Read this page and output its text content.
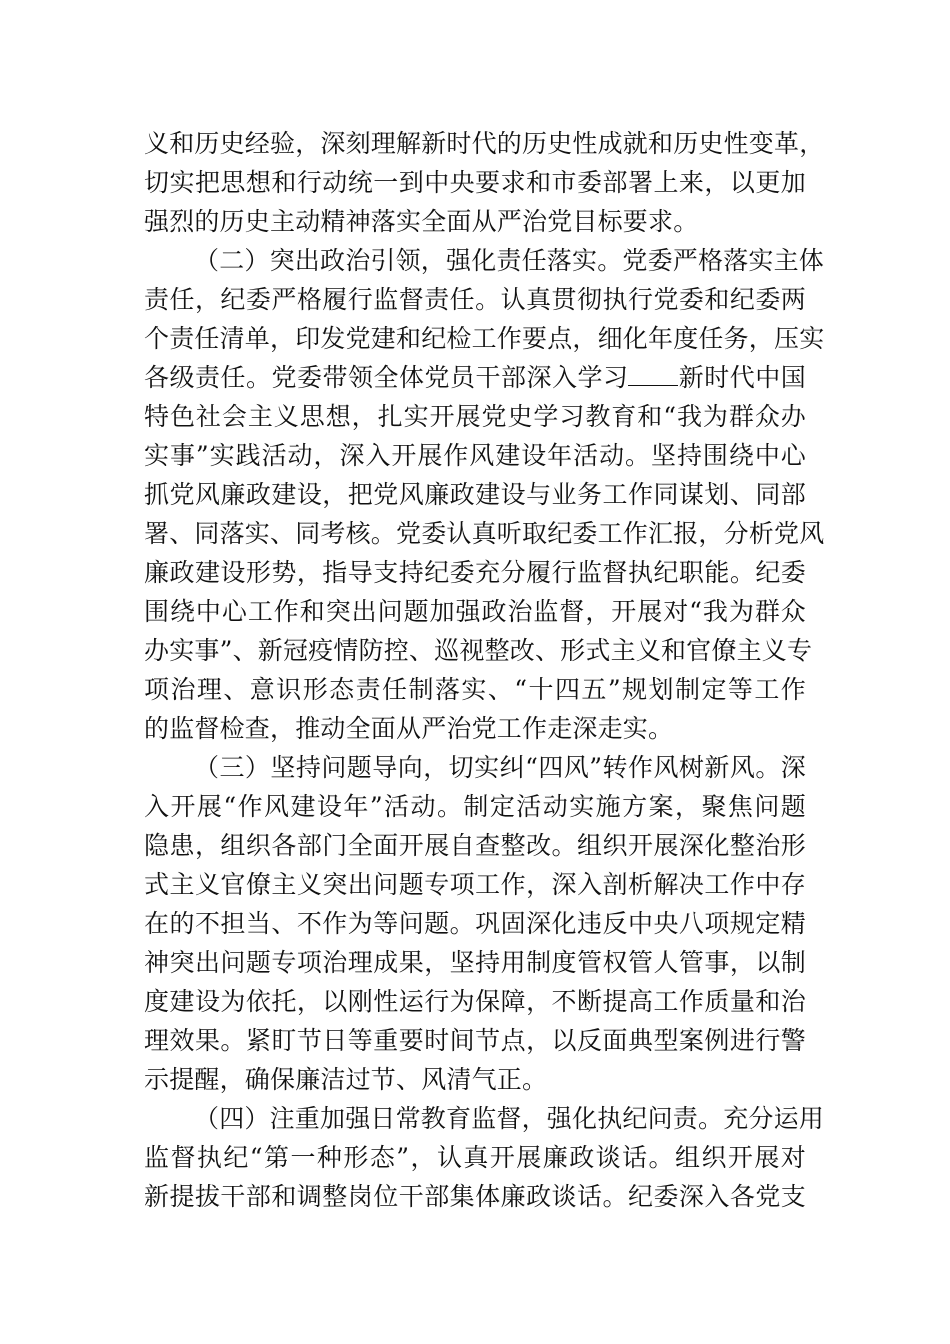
义和历史经验，深刻理解新时代的历史性成就和历史性变革，
切实把思想和行动统一到中央要求和市委部署上来，以更加
强烈的历史主动精神落实全面从严治党目标要求。
（二）突出政治引领，强化责任落实。党委严格落实主体
责任，纪委严格履行监督责任。认真贯彻执行党委和纪委两
个责任清单，印发党建和纪检工作要点，细化年度任务，压实
各级责任。党委带领全体党员干部深入学习 新时代中国
特色社会主义思想，扎实开展党史学习教育和“我为群众办
实事”实践活动，深入开展作风建设年活动。坚持围绕中心
抓党风廉政建设，把党风廉政建设与业务工作同谋划、同部
署、同落实、同考核。党委认真听取纪委工作汇报，分析党风
廉政建设形势，指导支持纪委充分履行监督执纪职能。纪委
围绕中心工作和突出问题加强政治监督，开展对“我为群众
办实事”、新冠疫情防控、巡视整改、形式主义和官僚主义专
项治理、意识形态责任制落实、“十四五”规划制定等工作
的监督检查，推动全面从严治党工作走深走实。
（三）坚持问题导向，切实纠“四风”转作风树新风。深
入开展“作风建设年”活动。制定活动实施方案，聚焦问题
隐患，组织各部门全面开展自查整改。组织开展深化整治形
式主义官僚主义突出问题专项工作，深入剖析解决工作中存
在的不担当、不作为等问题。巩固深化违反中央八项规定精
神突出问题专项治理成果，坚持用制度管权管人管事，以制
度建设为依托，以刚性运行为保障，不断提高工作质量和治
理效果。紧盯节日等重要时间节点，以反面典型案例进行警
示提醒，确保廉洁过节、风清气正。
（四）注重加强日常教育监督，强化执纪问责。充分运用
监督执纪“第一种形态”，认真开展廉政谈话。组织开展对
新提拔干部和调整岗位干部集体廉政谈话。纪委深入各党支
